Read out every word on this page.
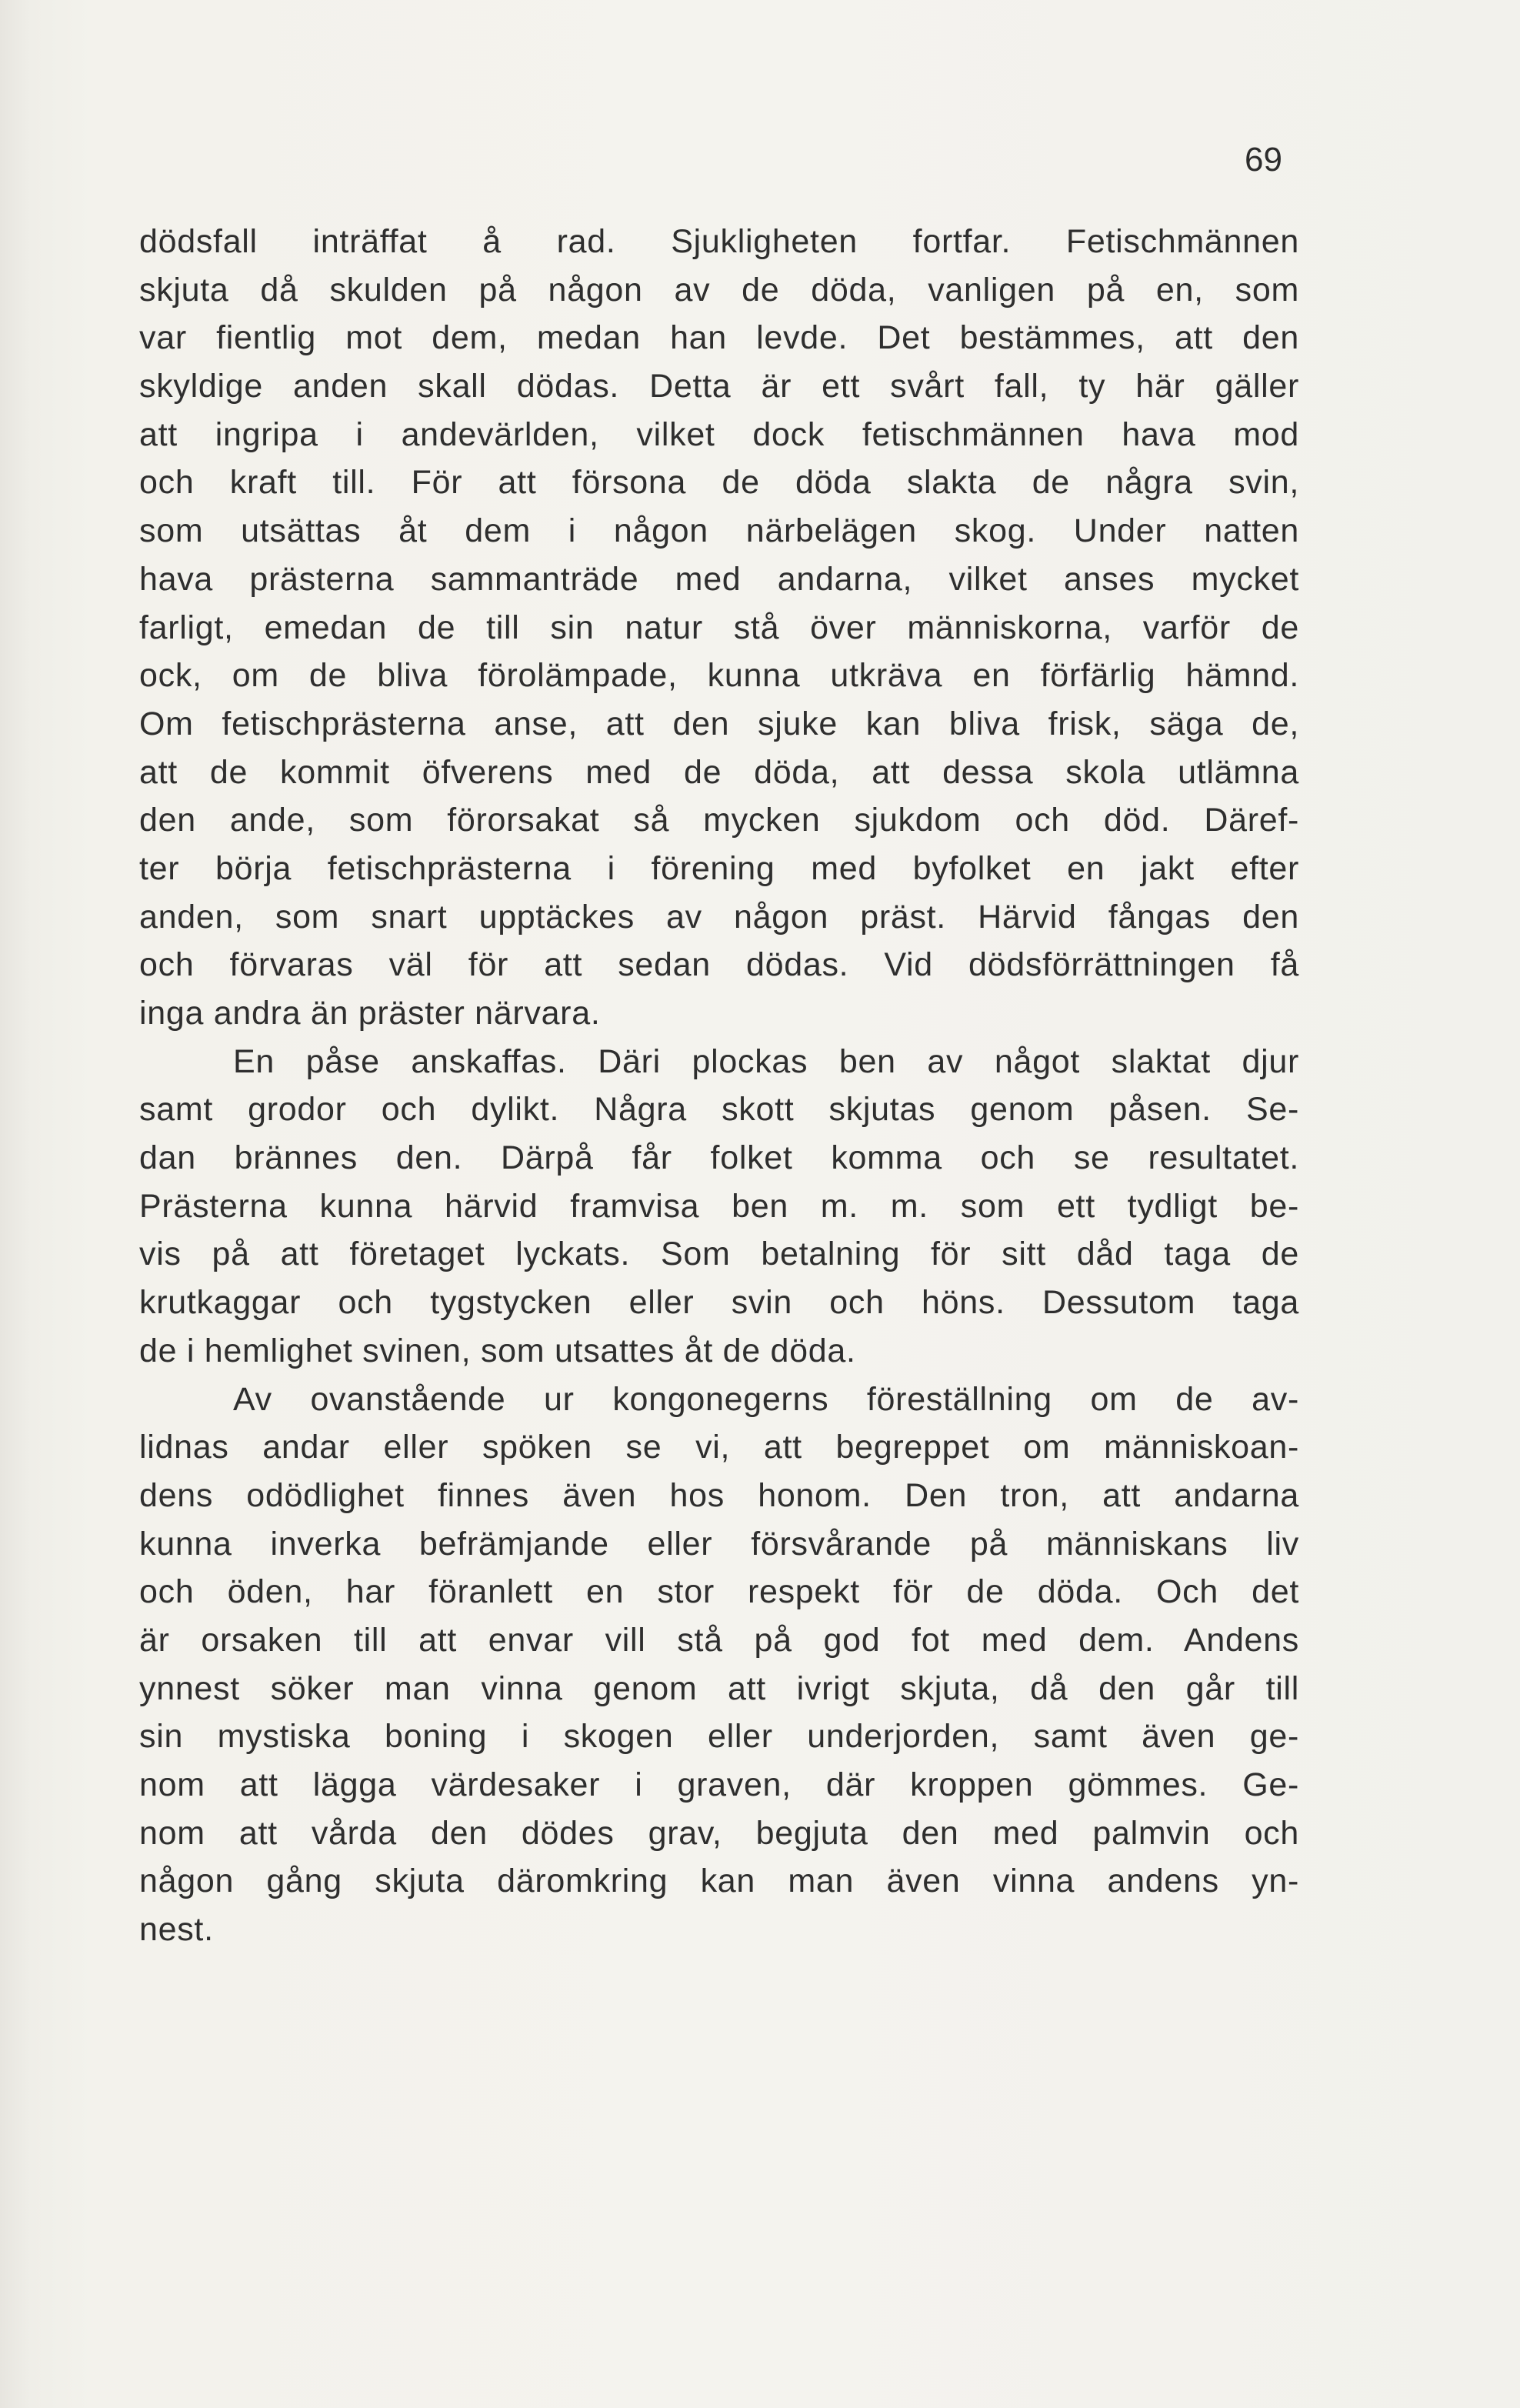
69
dödsfall inträffat å rad. Sjukligheten fortfar. Fetischmännen
skjuta då skulden på någon av de döda, vanligen på en, som
var fientlig mot dem, medan han levde. Det bestämmes, att den
skyldige anden skall dödas. Detta är ett svårt fall, ty här gäller
att ingripa i andevärlden, vilket dock fetischmännen hava mod
och kraft till. För att försona de döda slakta de några svin,
som utsättas åt dem i någon närbelägen skog. Under natten
hava prästerna sammanträde med andarna, vilket anses mycket
farligt, emedan de till sin natur stå över människorna, varför de
ock, om de bliva förolämpade, kunna utkräva en förfärlig hämnd.
Om fetischprästerna anse, att den sjuke kan bliva frisk, säga de,
att de kommit öfverens med de döda, att dessa skola utlämna
den ande, som förorsakat så mycken sjukdom och död. Däref-
ter börja fetischprästerna i förening med byfolket en jakt efter
anden, som snart upptäckes av någon präst. Härvid fångas den
och förvaras väl för att sedan dödas. Vid dödsförrättningen få
inga andra än präster närvara.
En påse anskaffas. Däri plockas ben av något slaktat djur
samt grodor och dylikt. Några skott skjutas genom påsen. Se-
dan brännes den. Därpå får folket komma och se resultatet.
Prästerna kunna härvid framvisa ben m. m. som ett tydligt be-
vis på att företaget lyckats. Som betalning för sitt dåd taga de
krutkaggar och tygstycken eller svin och höns. Dessutom taga
de i hemlighet svinen, som utsattes åt de döda.
Av ovanstående ur kongonegerns föreställning om de av-
lidnas andar eller spöken se vi, att begreppet om människoan-
dens odödlighet finnes även hos honom. Den tron, att andarna
kunna inverka befrämjande eller försvårande på människans liv
och öden, har föranlett en stor respekt för de döda. Och det
är orsaken till att envar vill stå på god fot med dem. Andens
ynnest söker man vinna genom att ivrigt skjuta, då den går till
sin mystiska boning i skogen eller underjorden, samt även ge-
nom att lägga värdesaker i graven, där kroppen gömmes. Ge-
nom att vårda den dödes grav, begjuta den med palmvin och
någon gång skjuta däromkring kan man även vinna andens yn-
nest.
